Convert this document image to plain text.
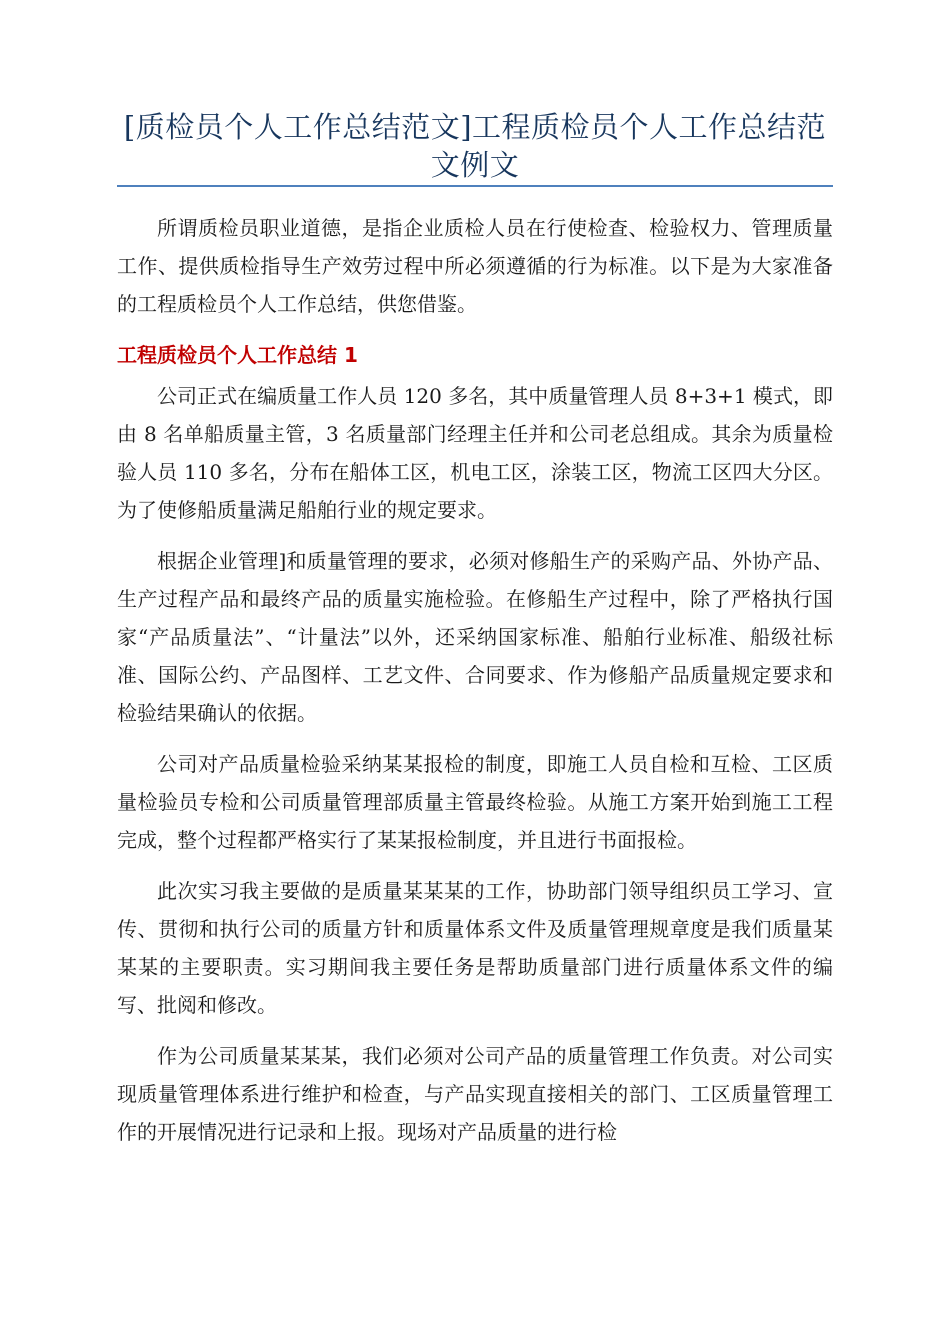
[质检员个人工作总结范文]工程质检员个人工作总结范文例文

所谓质检员职业道德，是指企业质检人员在行使检查、检验权力、管理质量工作、提供质检指导生产效劳过程中所必须遵循的行为标准。以下是为大家准备的工程质检员个人工作总结，供您借鉴。

工程质检员个人工作总结 1

公司正式在编质量工作人员 120 多名，其中质量管理人员 8+3+1 模式，即由 8 名单船质量主管，3 名质量部门经理主任并和公司老总组成。其余为质量检验人员 110 多名，分布在船体工区，机电工区，涂装工区，物流工区四大分区。为了使修船质量满足船舶行业的规定要求。

根据企业管理]和质量管理的要求，必须对修船生产的采购产品、外协产品、生产过程产品和最终产品的质量实施检验。在修船生产过程中，除了严格执行国家“产品质量法”、“计量法”以外，还采纳国家标准、船舶行业标准、船级社标准、国际公约、产品图样、工艺文件、合同要求、作为修船产品质量规定要求和检验结果确认的依据。

公司对产品质量检验采纳某某报检的制度，即施工人员自检和互检、工区质量检验员专检和公司质量管理部质量主管最终检验。从施工方案开始到施工工程完成，整个过程都严格实行了某某报检制度，并且进行书面报检。

此次实习我主要做的是质量某某某的工作，协助部门领导组织员工学习、宣传、贯彻和执行公司的质量方针和质量体系文件及质量管理规章度是我们质量某某某的主要职责。实习期间我主要任务是帮助质量部门进行质量体系文件的编写、批阅和修改。

作为公司质量某某某，我们必须对公司产品的质量管理工作负责。对公司实现质量管理体系进行维护和检查，与产品实现直接相关的部门、工区质量管理工作的开展情况进行记录和上报。现场对产品质量的进行检
